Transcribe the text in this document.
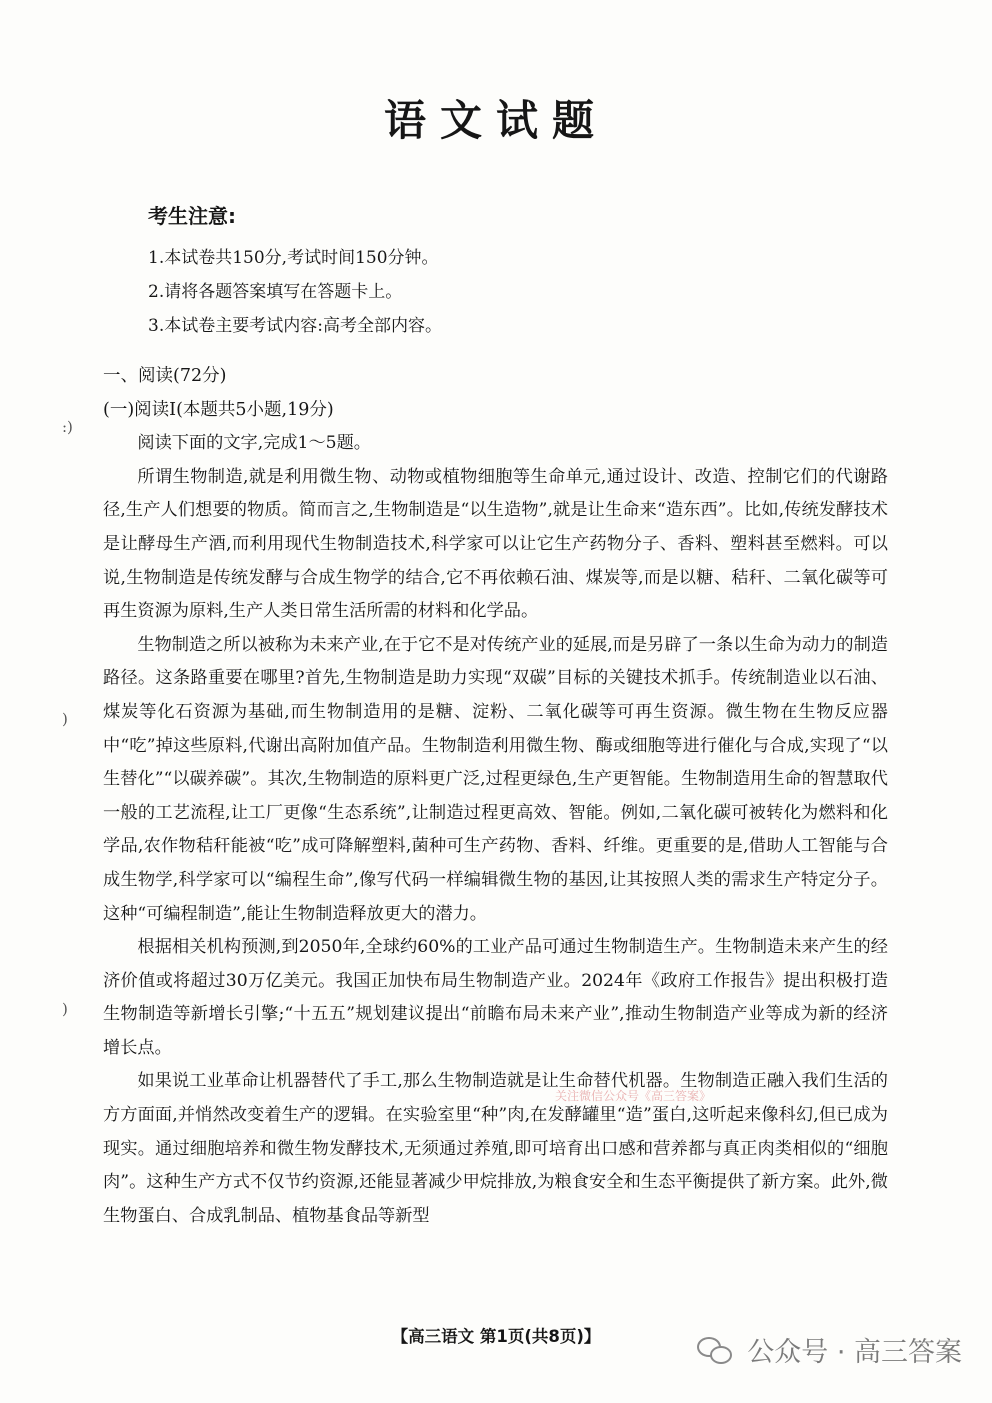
语文试题
考生注意:
1.本试卷共150分,考试时间150分钟。
2.请将各题答案填写在答题卡上。
3.本试卷主要考试内容:高考全部内容。
:)
)
)
一、阅读(72分)
(一)阅读Ⅰ(本题共5小题,19分)

阅读下面的文字,完成1～5题。

所谓生物制造,就是利用微生物、动物或植物细胞等生命单元,通过设计、改造、控制它们的代谢路径,生产人们想要的物质。简而言之,生物制造是“以生造物”,就是让生命来“造东西”。比如,传统发酵技术是让酵母生产酒,而利用现代生物制造技术,科学家可以让它生产药物分子、香料、塑料甚至燃料。可以说,生物制造是传统发酵与合成生物学的结合,它不再依赖石油、煤炭等,而是以糖、秸秆、二氧化碳等可再生资源为原料,生产人类日常生活所需的材料和化学品。

生物制造之所以被称为未来产业,在于它不是对传统产业的延展,而是另辟了一条以生命为动力的制造路径。这条路重要在哪里?首先,生物制造是助力实现“双碳”目标的关键技术抓手。传统制造业以石油、煤炭等化石资源为基础,而生物制造用的是糖、淀粉、二氧化碳等可再生资源。微生物在生物反应器中“吃”掉这些原料,代谢出高附加值产品。生物制造利用微生物、酶或细胞等进行催化与合成,实现了“以生替化”“以碳养碳”。其次,生物制造的原料更广泛,过程更绿色,生产更智能。生物制造用生命的智慧取代一般的工艺流程,让工厂更像“生态系统”,让制造过程更高效、智能。例如,二氧化碳可被转化为燃料和化学品,农作物秸秆能被“吃”成可降解塑料,菌种可生产药物、香料、纤维。更重要的是,借助人工智能与合成生物学,科学家可以“编程生命”,像写代码一样编辑微生物的基因,让其按照人类的需求生产特定分子。这种“可编程制造”,能让生物制造释放更大的潜力。

根据相关机构预测,到2050年,全球约60%的工业产品可通过生物制造生产。生物制造未来产生的经济价值或将超过30万亿美元。我国正加快布局生物制造产业。2024年《政府工作报告》提出积极打造生物制造等新增长引擎;“十五五”规划建议提出“前瞻布局未来产业”,推动生物制造产业等成为新的经济增长点。

如果说工业革命让机器替代了手工,那么生物制造就是让生命替代机器。生物制造正融入我们生活的方方面面,并悄然改变着生产的逻辑。在实验室里“种”肉,在发酵罐里“造”蛋白,这听起来像科幻,但已成为现实。通过细胞培养和微生物发酵技术,无须通过养殖,即可培育出口感和营养都与真正肉类相似的“细胞肉”。这种生产方式不仅节约资源,还能显著减少甲烷排放,为粮食安全和生态平衡提供了新方案。此外,微生物蛋白、合成乳制品、植物基食品等新型

关注微信公众号《高三答案》
【高三语文 第1页(共8页)】
公众号 · 高三答案
